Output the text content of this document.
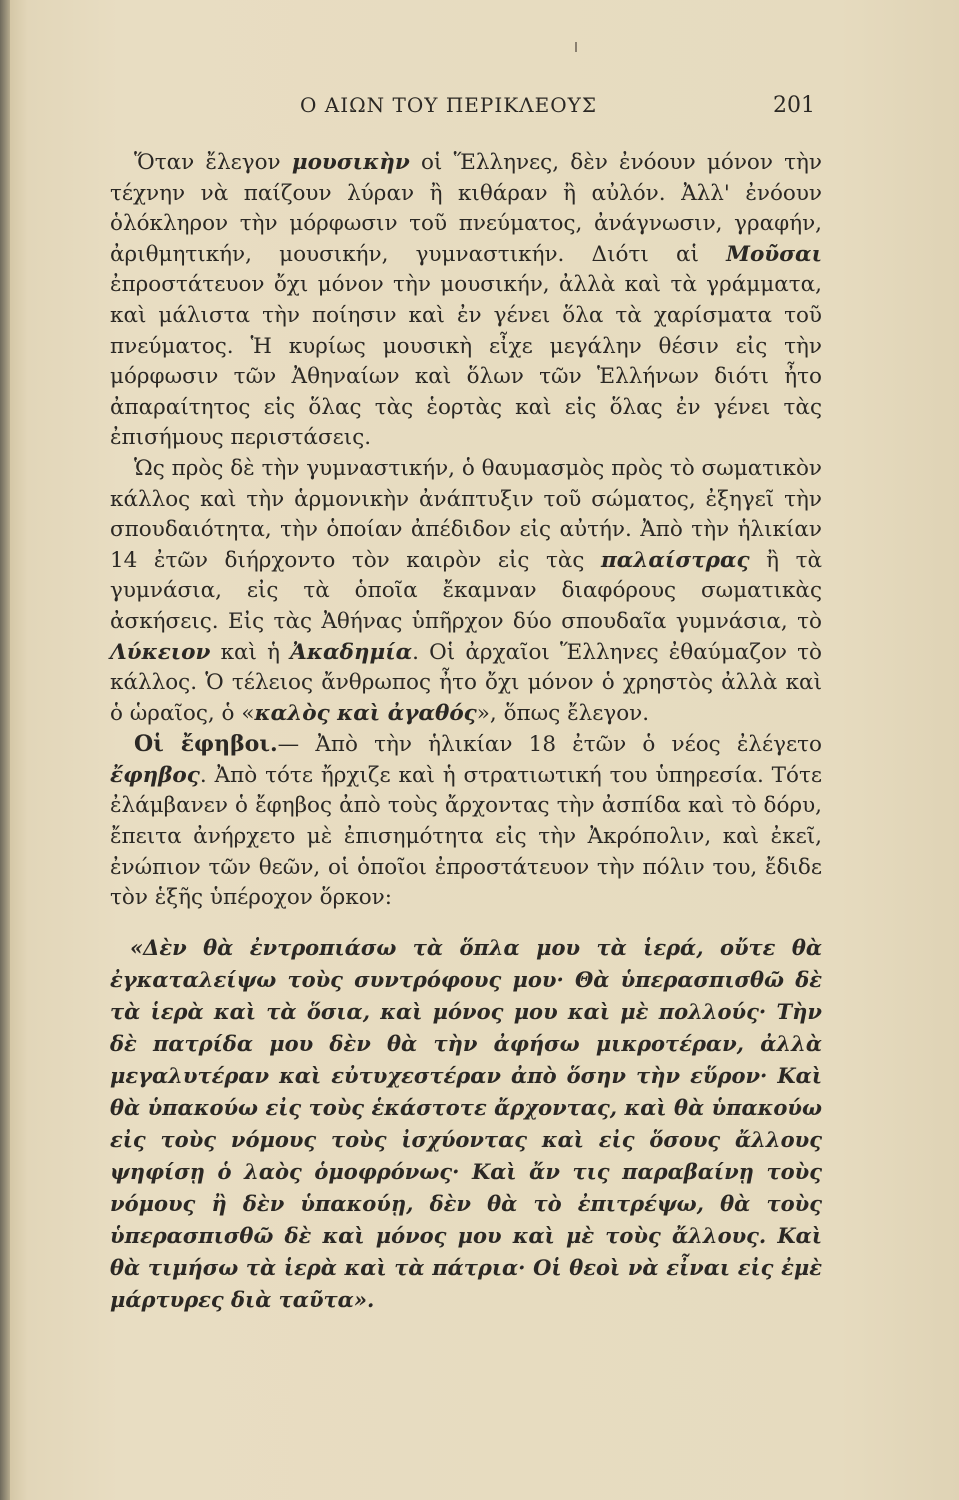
Ο ΑΙΩΝ ΤΟΥ ΠΕΡΙΚΛΕΟΥΣ	201

Ὅταν ἔλεγον μουσικὴν οἱ Ἕλληνες, δὲν ἐνόουν μόνον τὴν τέχνην νὰ παίζουν λύραν ἢ κιθάραν ἢ αὐλόν. Ἀλλ' ἐνόουν ὁλόκληρον τὴν μόρφωσιν τοῦ πνεύματος, ἀνάγνωσιν, γραφήν, ἀριθμητικήν, μουσικήν, γυμναστικήν. Διότι αἱ Μοῦσαι ἐπροστάτευον ὄχι μόνον τὴν μουσικήν, ἀλλὰ καὶ τὰ γράμματα, καὶ μάλιστα τὴν ποίησιν καὶ ἐν γένει ὅλα τὰ χαρίσματα τοῦ πνεύματος. Ἡ κυρίως μουσικὴ εἶχε μεγάλην θέσιν εἰς τὴν μόρφωσιν τῶν Ἀθηναίων καὶ ὅλων τῶν Ἑλλήνων διότι ἦτο ἀπαραίτητος εἰς ὅλας τὰς ἑορτὰς καὶ εἰς ὅλας ἐν γένει τὰς ἐπισήμους περιστάσεις.

Ὡς πρὸς δὲ τὴν γυμναστικήν, ὁ θαυμασμὸς πρὸς τὸ σωματικὸν κάλλος καὶ τὴν ἁρμονικὴν ἀνάπτυξιν τοῦ σώματος, ἐξηγεῖ τὴν σπουδαιότητα, τὴν ὁποίαν ἀπέδιδον εἰς αὐτήν. Ἀπὸ τὴν ἡλικίαν 14 ἐτῶν διήρχοντο τὸν καιρὸν εἰς τὰς παλαίστρας ἢ τὰ γυμνάσια, εἰς τὰ ὁποῖα ἔκαμναν διαφόρους σωματικὰς ἀσκήσεις. Εἰς τὰς Ἀθήνας ὑπῆρχον δύο σπουδαῖα γυμνάσια, τὸ Λύκειον καὶ ἡ Ἀκαδημία. Οἱ ἀρχαῖοι Ἕλληνες ἐθαύμαζον τὸ κάλλος. Ὁ τέλειος ἄνθρωπος ἦτο ὄχι μόνον ὁ χρηστὸς ἀλλὰ καὶ ὁ ὡραῖος, ὁ «καλὸς καὶ ἀγαθός», ὅπως ἔλεγον.

Οἱ ἔφηβοι.— Ἀπὸ τὴν ἡλικίαν 18 ἐτῶν ὁ νέος ἐλέγετο ἔφηβος. Ἀπὸ τότε ἤρχιζε καὶ ἡ στρατιωτική του ὑπηρεσία. Τότε ἐλάμβανεν ὁ ἔφηβος ἀπὸ τοὺς ἄρχοντας τὴν ἀσπίδα καὶ τὸ δόρυ, ἔπειτα ἀνήρχετο μὲ ἐπισημότητα εἰς τὴν Ἀκρόπολιν, καὶ ἐκεῖ, ἐνώπιον τῶν θεῶν, οἱ ὁποῖοι ἐπροστάτευον τὴν πόλιν του, ἔδιδε τὸν ἑξῆς ὑπέροχον ὅρκον:

«Δὲν θὰ ἐντροπιάσω τὰ ὅπλα μου τὰ ἱερά, οὔτε θὰ ἐγκαταλείψω τοὺς συντρόφους μου· Θὰ ὑπερασπισθῶ δὲ τὰ ἱερὰ καὶ τὰ ὅσια, καὶ μόνος μου καὶ μὲ πολλούς· Τὴν δὲ πατρίδα μου δὲν θὰ τὴν ἀφήσω μικροτέραν, ἀλλὰ μεγαλυτέραν καὶ εὐτυχεστέραν ἀπὸ ὅσην τὴν εὕρον· Καὶ θὰ ὑπακούω εἰς τοὺς ἑκάστοτε ἄρχοντας, καὶ θὰ ὑπακούω εἰς τοὺς νόμους τοὺς ἰσχύοντας καὶ εἰς ὅσους ἄλλους ψηφίσῃ ὁ λαὸς ὁμοφρόνως· Καὶ ἄν τις παραβαίνῃ τοὺς νόμους ἢ δὲν ὑπακούῃ, δὲν θὰ τὸ ἐπιτρέψω, θὰ τοὺς ὑπερασπισθῶ δὲ καὶ μόνος μου καὶ μὲ τοὺς ἄλλους. Καὶ θὰ τιμήσω τὰ ἱερὰ καὶ τὰ πάτρια· Οἱ θεοὶ νὰ εἶναι εἰς ἐμὲ μάρτυρες διὰ ταῦτα».
